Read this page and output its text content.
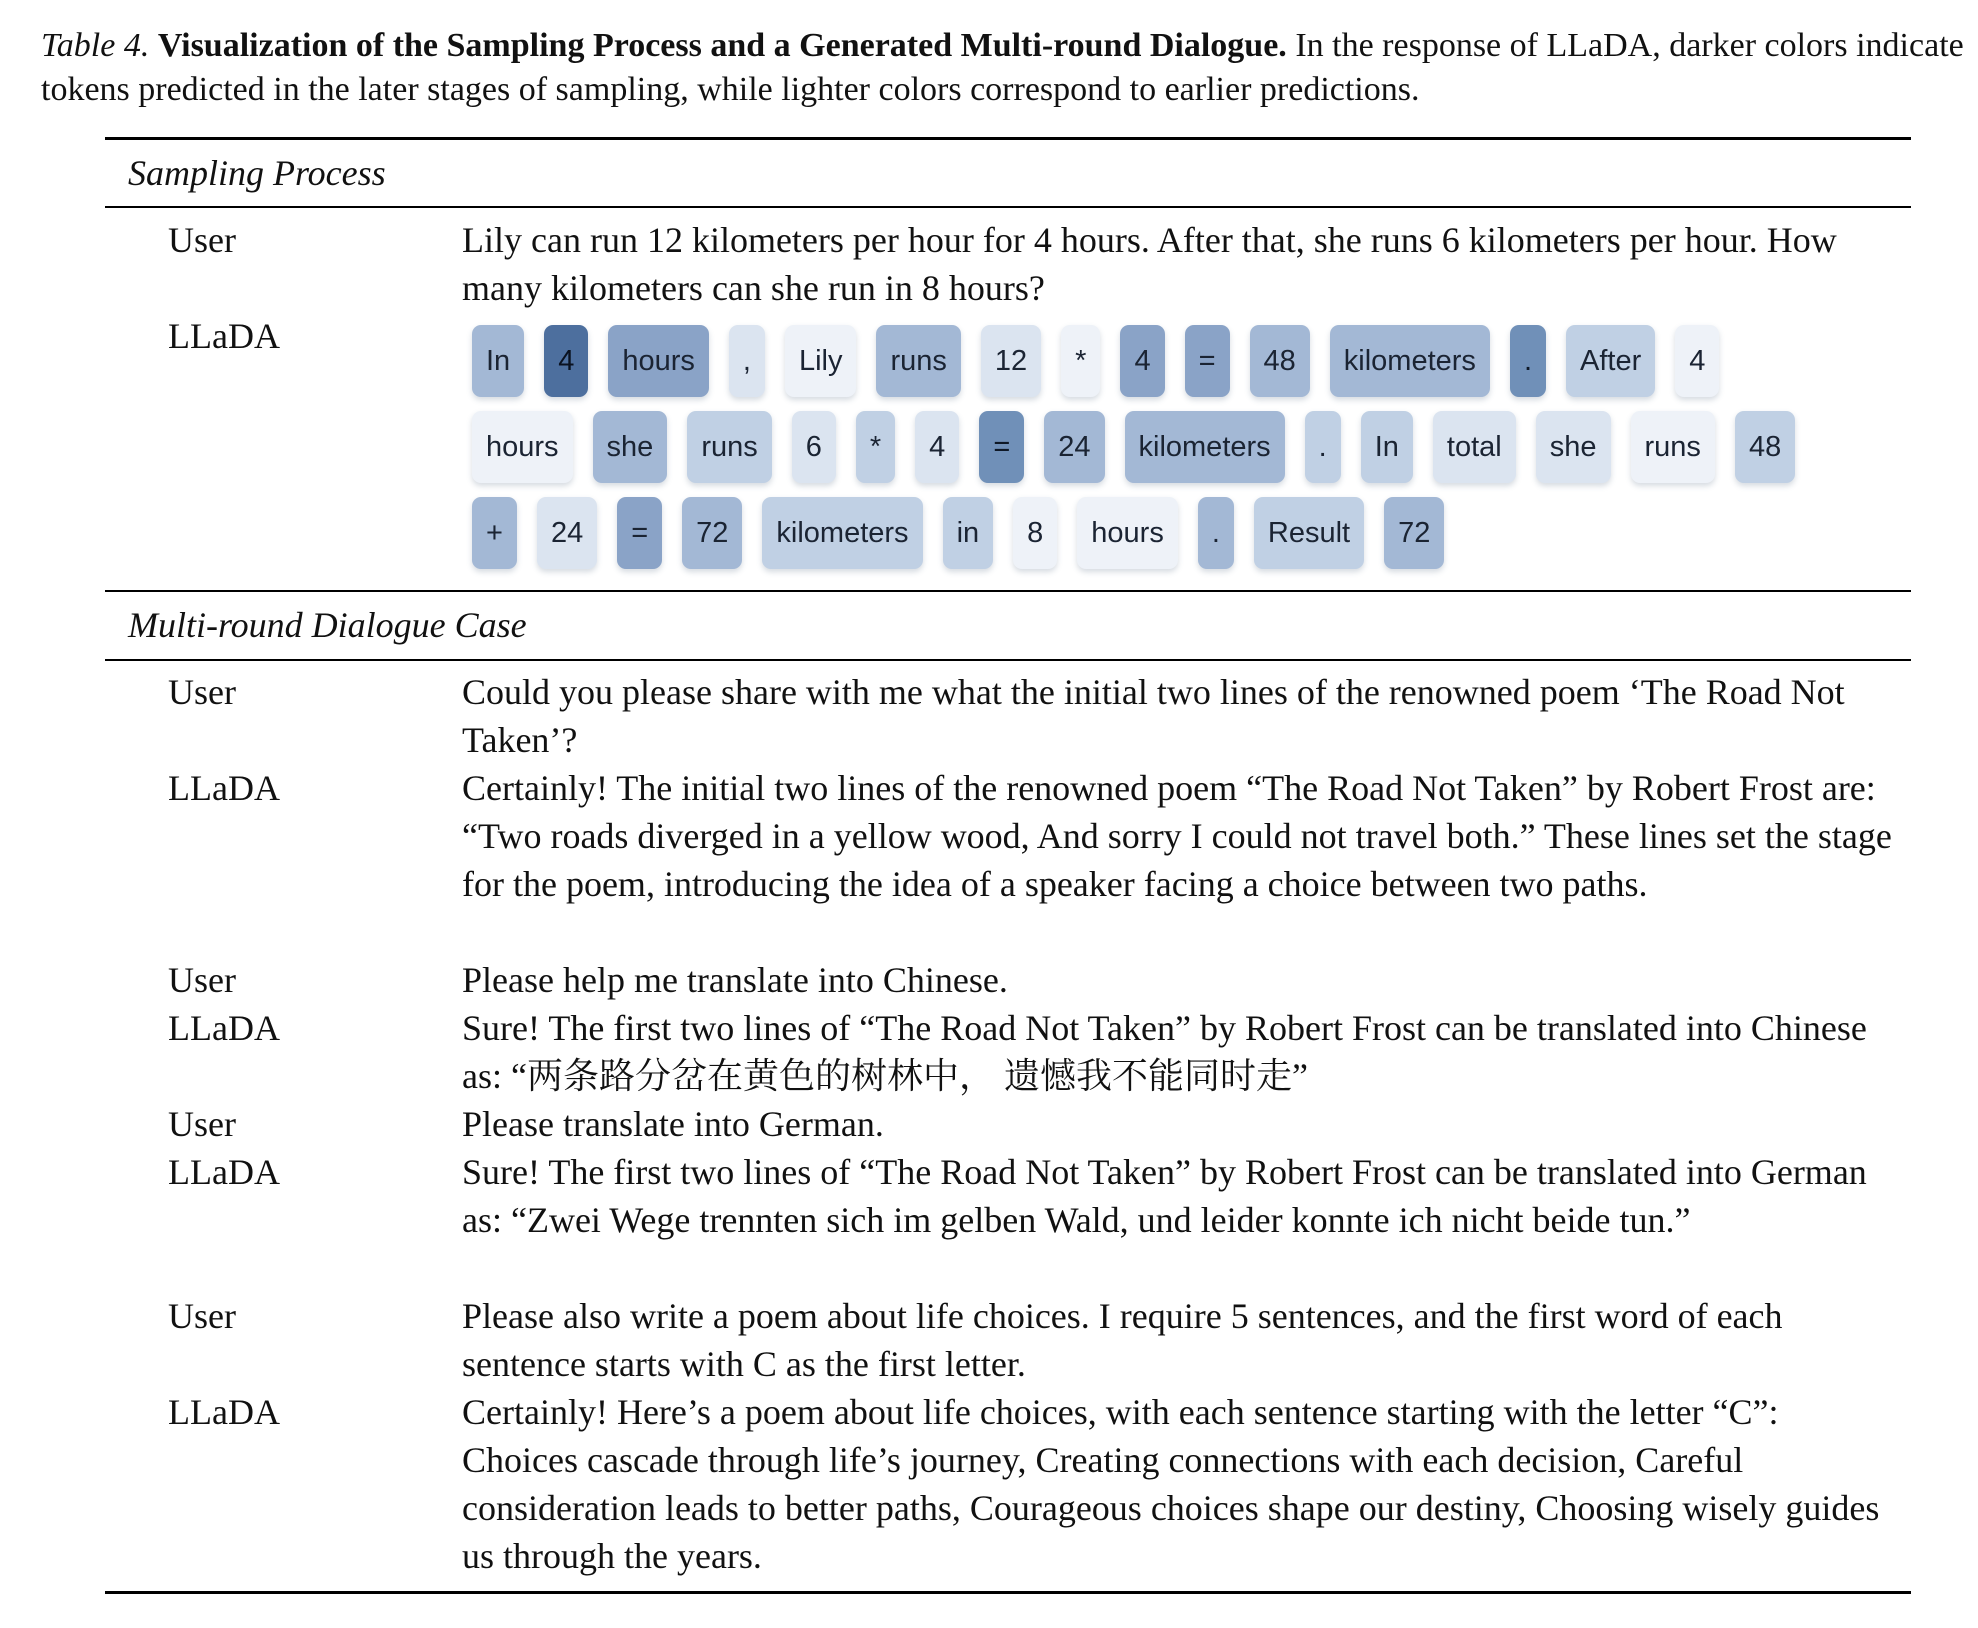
Table 4. Visualization of the Sampling Process and a Generated Multi-round Dialogue. In the response of LLaDA, darker colors indicate tokens predicted in the later stages of sampling, while lighter colors correspond to earlier predictions.
Sampling Process
User	Lily can run 12 kilometers per hour for 4 hours. After that, she runs 6 kilometers per hour. How many kilometers can she run in 8 hours?
LLaDA
In	4	hours	,	Lily	runs	12	*	4	=	48	kilometers	.	After	4
hours	she	runs	6	*	4	=	24	kilometers	.	In	total	she	runs	48
+	24	=	72	kilometers	in	8	hours	.	Result	72
Multi-round Dialogue Case
User	Could you please share with me what the initial two lines of the renowned poem ‘The Road Not Taken’?
LLaDA	Certainly! The initial two lines of the renowned poem “The Road Not Taken” by Robert Frost are: “Two roads diverged in a yellow wood, And sorry I could not travel both.” These lines set the stage for the poem, introducing the idea of a speaker facing a choice between two paths.
User	Please help me translate into Chinese.
LLaDA	Sure! The first two lines of “The Road Not Taken” by Robert Frost can be translated into Chinese as: “两条路分岔在黄色的树林中， 遗憾我不能同时走”
User	Please translate into German.
LLaDA	Sure! The first two lines of “The Road Not Taken” by Robert Frost can be translated into German as: “Zwei Wege trennten sich im gelben Wald, und leider konnte ich nicht beide tun.”
User	Please also write a poem about life choices. I require 5 sentences, and the first word of each sentence starts with C as the first letter.
LLaDA	Certainly! Here’s a poem about life choices, with each sentence starting with the letter “C”: Choices cascade through life’s journey, Creating connections with each decision, Careful consideration leads to better paths, Courageous choices shape our destiny, Choosing wisely guides us through the years.
